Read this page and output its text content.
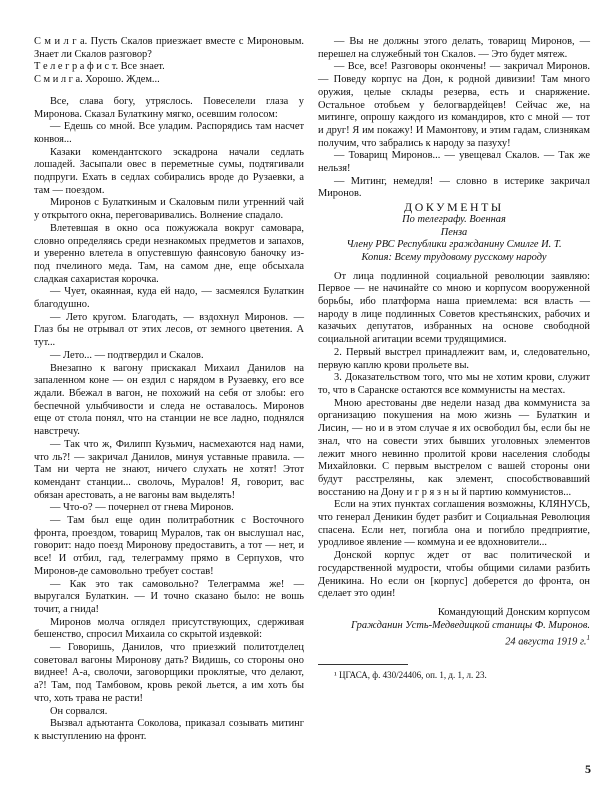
С м и л г а. Пусть Скалов приезжает вместе с Мироновым. Знает ли Скалов разговор?

Т е л е г р а ф и с т. Все знает.

С м и л г а. Хорошо. Ждем...

Все, слава богу, утряслось. Повеселели глаза у Миронова. Сказал Булаткину мягко, осевшим голосом:

— Едешь со мной. Все уладим. Распорядись там насчет конвоя...

Казаки комендантского эскадрона начали седлать лошадей. Засыпали овес в переметные сумы, подтягивали подпруги. Ехать в седлах собирались вроде до Рузаевки, а там — поездом.

Миронов с Булаткиным и Скаловым пили утренний чай у открытого окна, переговаривались. Волнение спадало.

Влетевшая в окно оса пожужжала вокруг самовара, словно определяясь среди незнакомых предметов и запахов, и уверенно влетела в опустевшую фаянсовую баночку из-под пчелиного меда. Там, на самом дне, еще обсыхала сладкая сахаристая корочка.

— Чует, окаянная, куда ей надо, — засмеялся Булаткин благодушно.

— Лето кругом. Благодать, — вздохнул Миронов. — Глаз бы не отрывал от этих лесов, от земного цветения. А тут...

— Лето... — подтвердил и Скалов.

Внезапно к вагону прискакал Михаил Данилов на запаленном коне — он ездил с нарядом в Рузаевку, его все ждали. Вбежал в вагон, не похожий на себя от злобы: его беспечной улыбчивости и следа не оставалось. Миронов еще от стола понял, что на станции не все ладно, поднялся навстречу.

— Так что ж, Филипп Кузьмич, насмехаются над нами, что ль?! — закричал Данилов, минуя уставные правила. — Там ни черта не знают, ничего слухать не хотят! Этот комендант станции... сволочь, Муралов! Я, говорит, вас обязан арестовать, а не вагоны вам выделять!

— Что-о? — почернел от гнева Миронов.

— Там был еще один политработник с Восточного фронта, проездом, товарищ Муралов, так он выслушал нас, говорит: надо поезд Миронову предоставить, а тот — нет, и все! И отбил, гад, телеграмму прямо в Серпухов, что Миронов-де самовольно требует состав!

— Как это так самовольно? Телеграмма же! — выругался Булаткин. — И точно сказано было: не вошь точит, а гнида!

Миронов молча оглядел присутствующих, сдерживая бешенство, спросил Михаила со скрытой издевкой:

— Говоришь, Данилов, что приезжий политотделец советовал вагоны Миронову дать? Видишь, со стороны оно виднее! А-а, сволочи, заговорщики проклятые, что делают, а?! Там, под Тамбовом, кровь рекой льется, а им хоть бы что, хоть трава не расти!

Он сорвался.

Вызвал адъютанта Соколова, приказал созывать митинг к выступлению на фронт.

— Вы не должны этого делать, товарищ Миронов, — перешел на служебный тон Скалов. — Это будет мятеж.

— Все, все! Разговоры окончены! — закричал Миронов. — Поведу корпус на Дон, к родной дивизии! Там много оружия, целые склады резерва, есть и снаряжение. Остальное отобьем у белогвардейцев! Сейчас же, на митинге, опрошу каждого из командиров, кто с мной — тот и друг! Я им покажу! И Мамонтову, и этим гадам, слизнякам получим, что забрались к народу за пазуху!

— Товарищ Миронов... — увещевал Скалов. — Так же нельзя!

— Митинг, немедля! — словно в истерике закричал Миронов.

ДОКУМЕНТЫ

По телеграфу. Военная

Пенза

Члену РВС Республики гражданину Смилге И. Т.

Копия: Всему трудовому русскому народу

От лица подлинной социальной революции заявляю: Первое — не начинайте со мною и корпусом вооруженной борьбы, ибо платформа наша приемлема: вся власть — народу в лице подлинных Советов крестьянских, рабочих и казачьих депутатов, избранных на основе свободной социальной агитации всеми трудящимися.

2. Первый выстрел принадлежит вам, и, следовательно, первую каплю крови прольете вы.

3. Доказательством того, что мы не хотим крови, служит то, что в Саранске остаются все коммунисты на местах.

Мною арестованы две недели назад два коммуниста за организацию покушения на мою жизнь — Булаткин и Лисин, — но и в этом случае я их освободил бы, если бы не знал, что на совести этих бывших уголовных элементов лежит много невинно пролитой крови населения слободы Михайловки. С первым выстрелом с вашей стороны они будут расстреляны, как элемент, способствовавший восстанию на Дону и г р я з н ы й партию коммунистов...

Если на этих пунктах соглашения возможны, КЛЯНУСЬ, что генерал Деникин будет разбит и Социальная Революция спасена. Если нет, погибла она и погибло предприятие, уродливое явление — коммуна и ее вдохновители...

Донской корпус ждет от вас политической и государственной мудрости, чтобы общими силами разбить Деникина. Но если он [корпус] доберется до фронта, он сделает это один!

Командующий Донским корпусом

Гражданин Усть-Медведицкой станицы Ф. Миронов.

24 августа 1919 г.$^1$

¹ ЦГАСА, ф. 430/24406, оп. 1, д. 1, л. 23.

5
